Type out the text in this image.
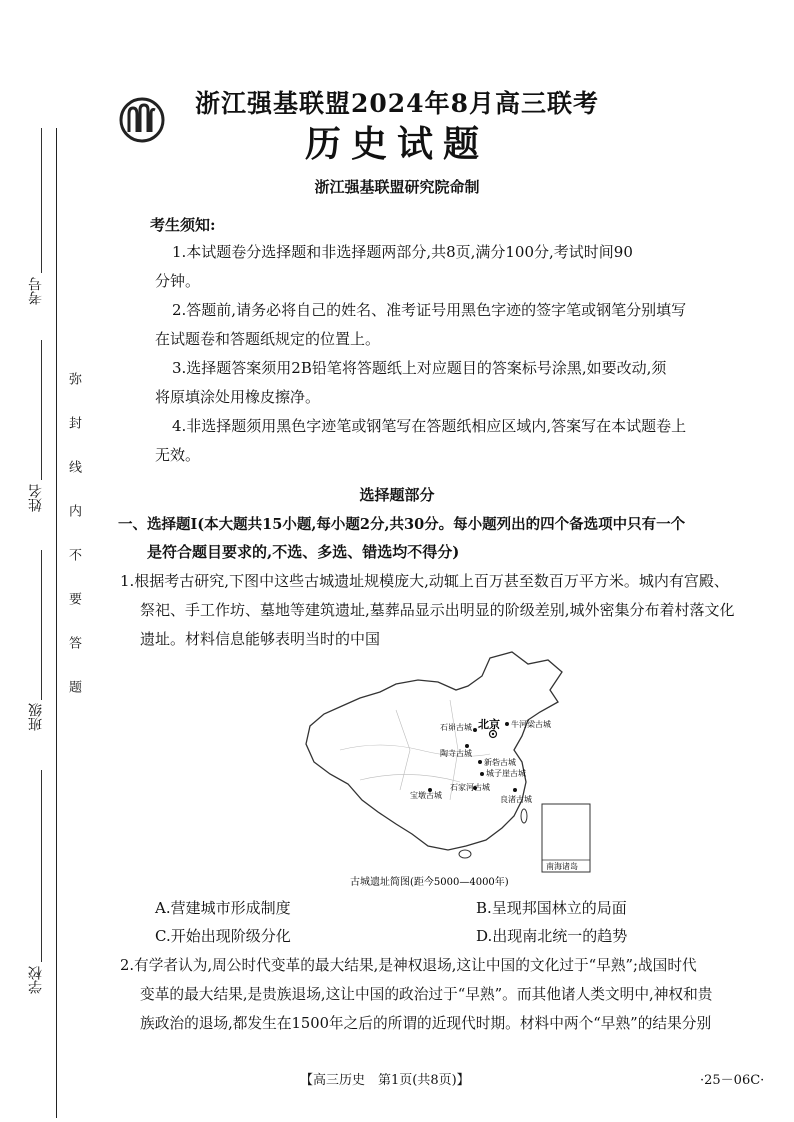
考号
姓名
班级
学校
弥封线内不要答题
浙江强基联盟2024年8月高三联考
历史试题
浙江强基联盟研究院命制
考生须知:
1.本试题卷分选择题和非选择题两部分,共8页,满分100分,考试时间90
分钟。
2.答题前,请务必将自己的姓名、准考证号用黑色字迹的签字笔或钢笔分别填写
在试题卷和答题纸规定的位置上。
3.选择题答案须用2B铅笔将答题纸上对应题目的答案标号涂黑,如要改动,须
将原填涂处用橡皮擦净。
4.非选择题须用黑色字迹笔或钢笔写在答题纸相应区域内,答案写在本试题卷上
无效。
选择题部分
一、选择题Ⅰ(本大题共15小题,每小题2分,共30分。每小题列出的四个备选项中只有一个
是符合题目要求的,不选、多选、错选均不得分)
1.根据考古研究,下图中这些古城遗址规模庞大,动辄上百万甚至数百万平方米。城内有宫殿、
祭祀、手工作坊、墓地等建筑遗址,墓葬品显示出明显的阶级差别,城外密集分布着村落文化
遗址。材料信息能够表明当时的中国
北京 牛河梁古城
石峁古城
陶寺古城
新砦古城
城子崖古城
宝墩古城
石家河古城
良渚古城
南海诸岛
古城遗址简图(距今5000—4000年)
A.营建城市形成制度	B.呈现邦国林立的局面
C.开始出现阶级分化	D.出现南北统一的趋势
2.有学者认为,周公时代变革的最大结果,是神权退场,这让中国的文化过于“早熟”;战国时代
变革的最大结果,是贵族退场,这让中国的政治过于“早熟”。而其他诸人类文明中,神权和贵
族政治的退场,都发生在1500年之后的所谓的近现代时期。材料中两个“早熟”的结果分别
【高三历史　第1页(共8页)】	·25－06C·
